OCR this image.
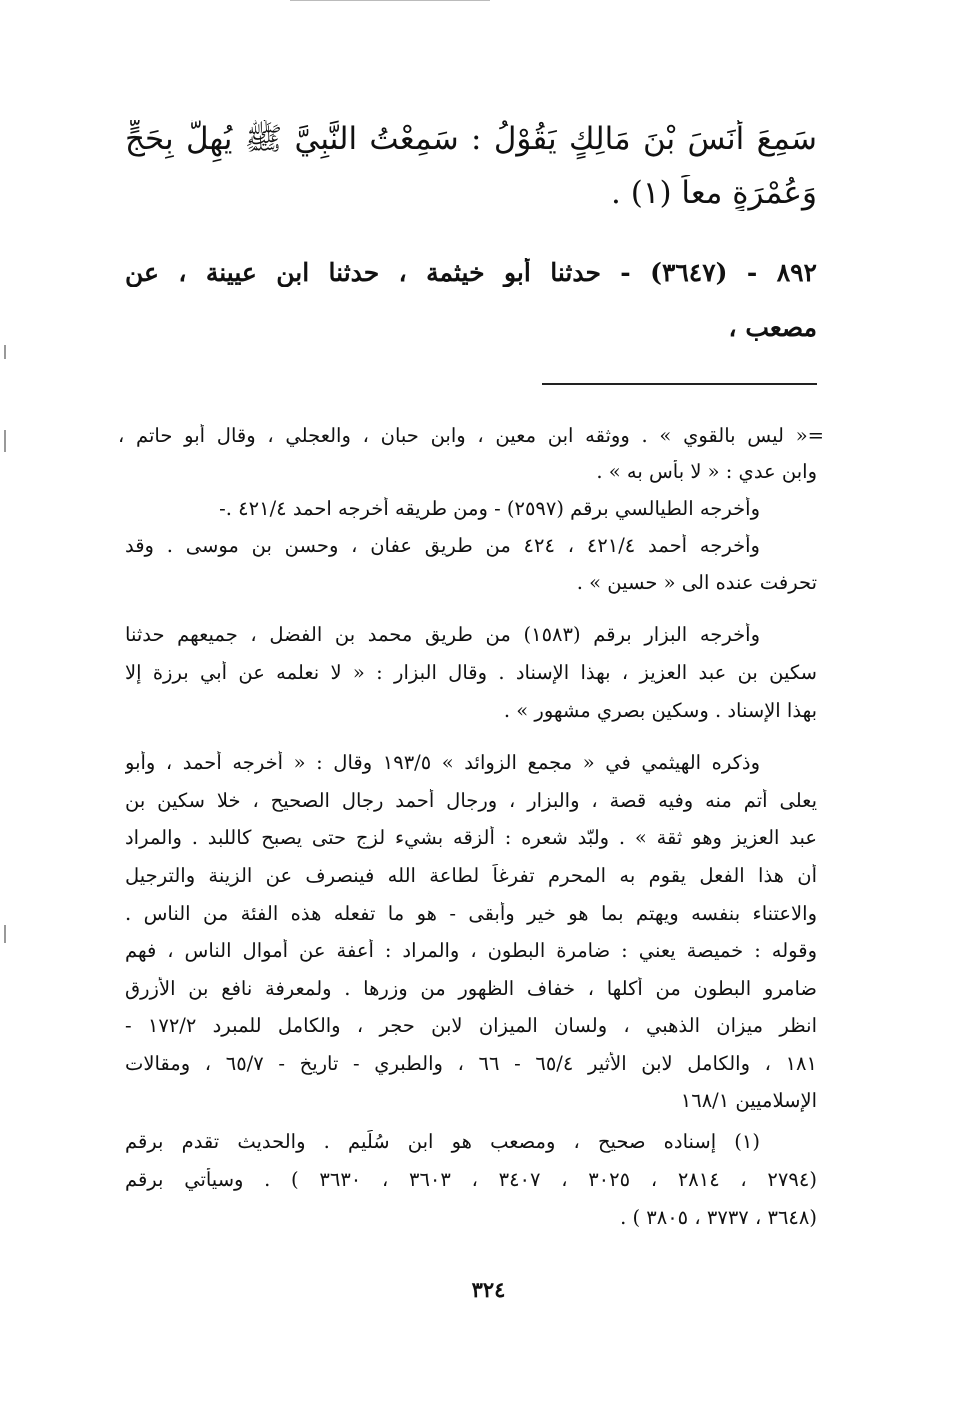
سَمِعَ أَنَسَ بْنَ مَالِكٍ يَقُوْلُ : سَمِعْتُ النَّبِيَّ ﷺ يُهِلُّ بِحَجٍّ
وَعُمْرَةٍ معاً (١) .
٨٩٢ - (٣٦٤٧) - حدثنا أبو خيثمة ، حدثنا ابن عيينة ، عن
مصعب ،
=« ليس بالقوي » . ووثقه ابن معين ، وابن حبان ، والعجلي ، وقال أبو حاتم ،
وابن عدي : « لا بأس به » .
وأخرجه الطيالسي برقم (٢٥٩٧) - ومن طريقه أخرجه احمد ٤٢١/٤ .-
وأخرجه أحمد ٤٢١/٤ ، ٤٢٤ من طريق عفان ، وحسن بن موسى . وقد
تحرفت عنده الى « حسين » .
وأخرجه البزار برقم (١٥٨٣) من طريق محمد بن الفضل ، جميعهم حدثنا
سكين بن عبد العزيز ، بهذا الإسناد . وقال البزار : « لا نعلمه عن أبي برزة إلا
بهذا الإسناد . وسكين بصري مشهور » .
وذكره الهيثمي في « مجمع الزوائد » ١٩٣/٥ وقال : « أخرجه أحمد ، وأبو
يعلى أتم منه وفيه قصة ، والبزار ، ورجال أحمد رجال الصحيح ، خلا سكين بن
عبد العزيز وهو ثقة » . ولبّد شعره : ألزقه بشيء لزج حتى يصبح كاللبد . والمراد
أن هذا الفعل يقوم به المحرم تفرغاً لطاعة الله فينصرف عن الزينة والترجيل
والاعتناء بنفسه ويهتم بما هو خير وأبقى - هو ما تفعله هذه الفئة من الناس .
وقوله : خميصة يعني : ضامرة البطون ، والمراد : أعفة عن أموال الناس ، فهم
ضامرو البطون من أكلها ، خفاف الظهور من وزرها . ولمعرفة نافع بن الأزرق
انظر ميزان الذهبي ، ولسان الميزان لابن حجر ، والكامل للمبرد ١٧٢/٢ -
١٨١ ، والكامل لابن الأثير ٦٥/٤ - ٦٦ ، والطبري - تاريخ - ٦٥/٧ ، ومقالات
الإسلاميين ١٦٨/١
(١) إسناده صحيح ، ومصعب هو ابن سُلَيم . والحديث تقدم برقم
(٢٧٩٤ ، ٢٨١٤ ، ٣٠٢٥ ، ٣٤٠٧ ، ٣٦٠٣ ، ٣٦٣٠ ) . وسيأتي برقم
(٣٦٤٨ ، ٣٧٣٧ ، ٣٨٠٥ ) .
٣٢٤
